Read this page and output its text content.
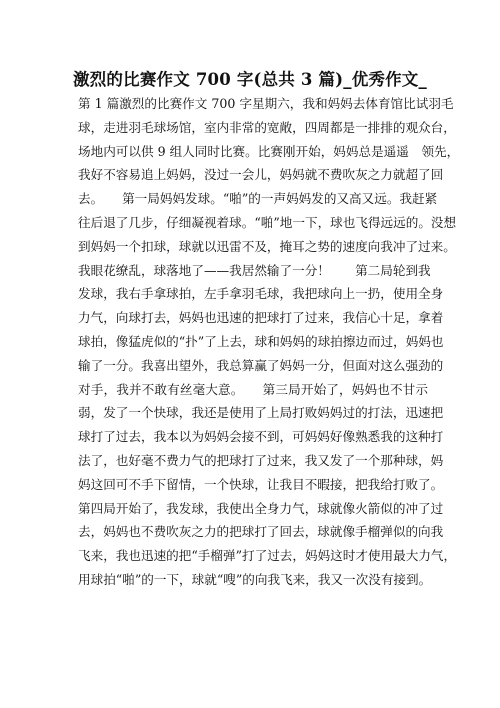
激烈的比赛作文 700 字(总共 3 篇)_优秀作文_
第 1 篇激烈的比赛作文 700 字星期六，我和妈妈去体育馆比试羽毛
球，走进羽毛球场馆，室内非常的宽敞，四周都是一排排的观众台，
场地内可以供 9 组人同时比赛。比赛刚开始，妈妈总是遥遥　领先，
我好不容易追上妈妈，没过一会儿，妈妈就不费吹灰之力就超了回
去。　　第一局妈妈发球。“啪”的一声妈妈发的又高又远。我赶紧
往后退了几步，仔细凝视着球。“啪”地一下，球也飞得远远的。没想
到妈妈一个扣球，球就以迅雷不及，掩耳之势的速度向我冲了过来。
我眼花缭乱，球落地了——我居然输了一分！　　第二局轮到我
发球，我右手拿球拍，左手拿羽毛球，我把球向上一扔，使用全身
力气，向球打去，妈妈也迅速的把球打了过来，我信心十足，拿着
球拍，像猛虎似的“扑”了上去，球和妈妈的球拍擦边而过，妈妈也
输了一分。我喜出望外，我总算赢了妈妈一分，但面对这么强劲的
对手，我并不敢有丝毫大意。　　第三局开始了，妈妈也不甘示
弱，发了一个快球，我还是使用了上局打败妈妈过的打法，迅速把
球打了过去，我本以为妈妈会接不到，可妈妈好像熟悉我的这种打
法了，也好毫不费力气的把球打了过来，我又发了一个那种球，妈
妈这回可不手下留情，一个快球，让我目不暇接，把我给打败了。
第四局开始了，我发球，我使出全身力气，球就像火箭似的冲了过
去，妈妈也不费吹灰之力的把球打了回去，球就像手榴弹似的向我
飞来，我也迅速的把“手榴弹”打了过去，妈妈这时才使用最大力气，
用球拍“啪”的一下，球就“嗖”的向我飞来，我又一次没有接到。
